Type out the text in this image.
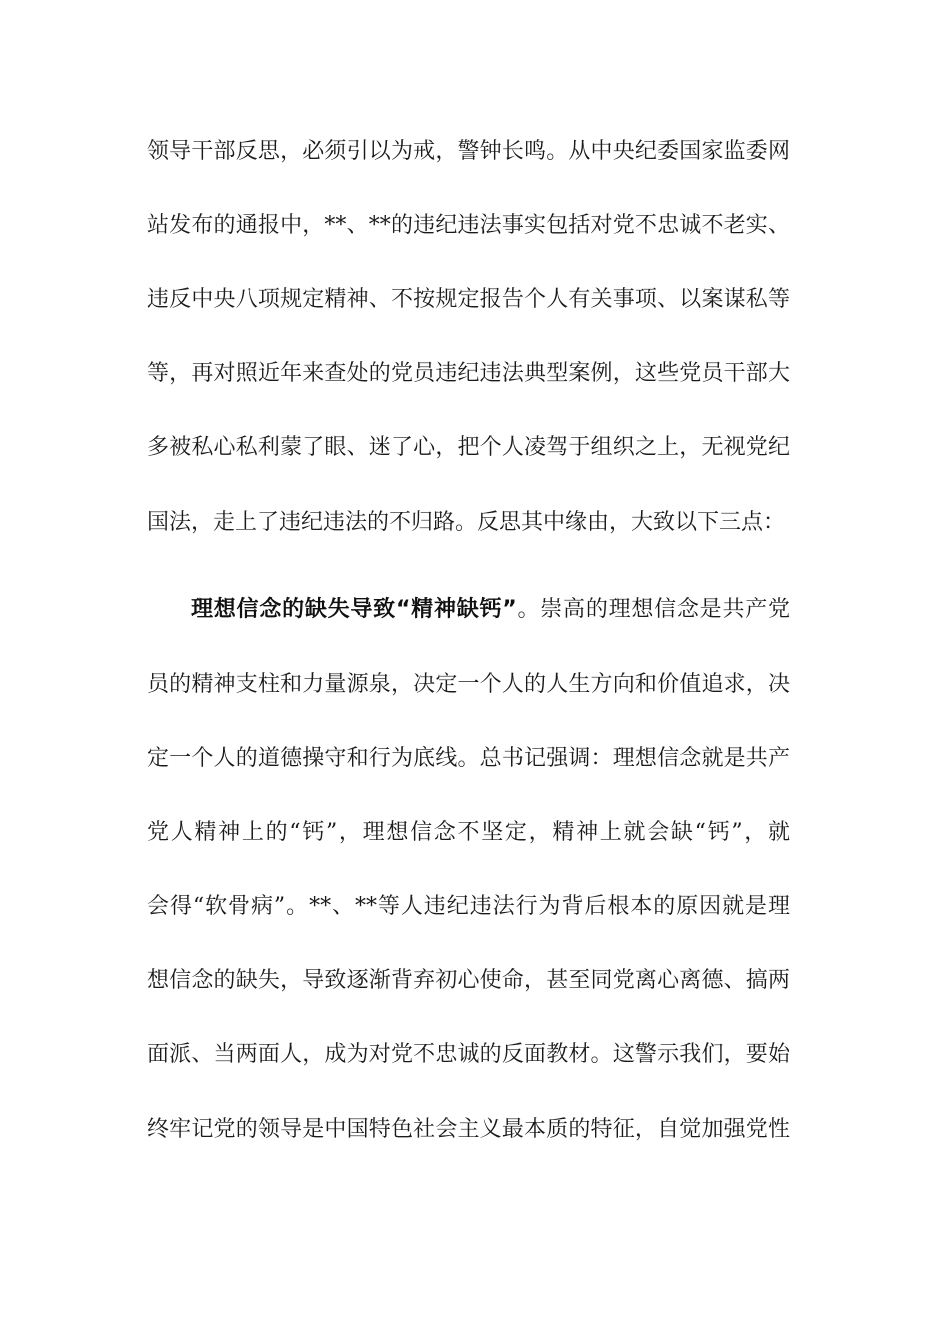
领导干部反思，必须引以为戒，警钟长鸣。从中央纪委国家监委网
站发布的通报中，**、**的违纪违法事实包括对党不忠诚不老实、
违反中央八项规定精神、不按规定报告个人有关事项、以案谋私等
等，再对照近年来查处的党员违纪违法典型案例，这些党员干部大
多被私心私利蒙了眼、迷了心，把个人凌驾于组织之上，无视党纪
国法，走上了违纪违法的不归路。反思其中缘由，大致以下三点：
理想信念的缺失导致“精神缺钙”。崇高的理想信念是共产党
员的精神支柱和力量源泉，决定一个人的人生方向和价值追求，决
定一个人的道德操守和行为底线。总书记强调：理想信念就是共产
党人精神上的“钙”，理想信念不坚定，精神上就会缺“钙”，就
会得“软骨病”。**、**等人违纪违法行为背后根本的原因就是理
想信念的缺失，导致逐渐背弃初心使命，甚至同党离心离德、搞两
面派、当两面人，成为对党不忠诚的反面教材。这警示我们，要始
终牢记党的领导是中国特色社会主义最本质的特征，自觉加强党性
